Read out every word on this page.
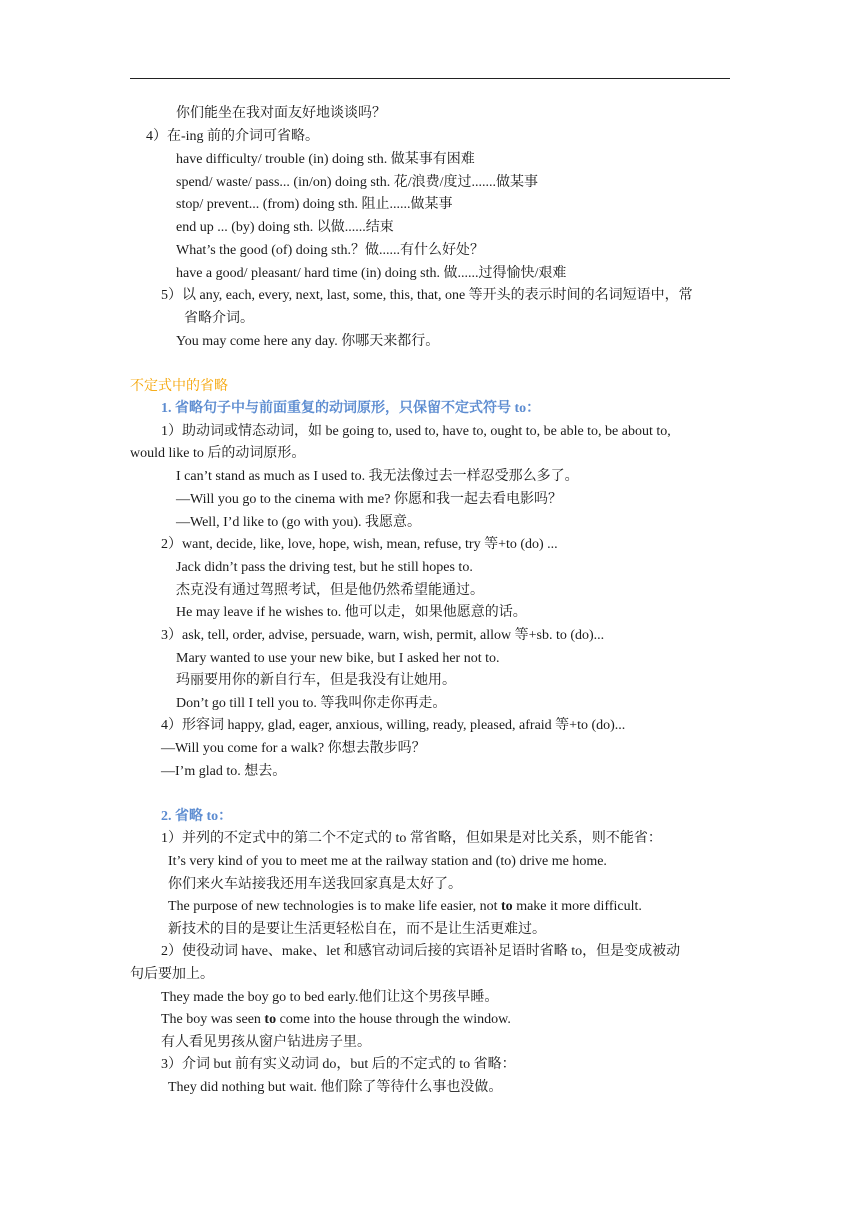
你们能坐在我对面友好地谈谈吗？
4）在-ing 前的介词可省略。
have difficulty/ trouble (in) doing sth. 做某事有困难
spend/ waste/ pass... (in/on) doing sth. 花/浪费/度过.......做某事
stop/ prevent... (from) doing sth. 阻止......做某事
end up ... (by) doing sth. 以做......结束
What’s the good (of) doing sth.？做......有什么好处？
have a good/ pleasant/ hard time (in) doing sth. 做......过得愉快/艰难
5）以 any, each, every, next, last, some, this, that, one 等开头的表示时间的名词短语中，常
省略介词。
You may come here any day. 你哪天来都行。
不定式中的省略
1. 省略句子中与前面重复的动词原形，只保留不定式符号 to：
1）助动词或情态动词，如 be going to, used to, have to, ought to, be able to, be about to,
would like to 后的动词原形。
I can’t stand as much as I used to. 我无法像过去一样忍受那么多了。
—Will you go to the cinema with me? 你愿和我一起去看电影吗？
—Well, I’d like to (go with you). 我愿意。
2）want, decide, like, love, hope, wish, mean, refuse, try 等+to (do) ...
Jack didn’t pass the driving test, but he still hopes to.
杰克没有通过驾照考试，但是他仍然希望能通过。
He may leave if he wishes to. 他可以走，如果他愿意的话。
3）ask, tell, order, advise, persuade, warn, wish, permit, allow 等+sb. to (do)...
Mary wanted to use your new bike, but I asked her not to.
玛丽要用你的新自行车，但是我没有让她用。
Don’t go till I tell you to. 等我叫你走你再走。
4）形容词 happy, glad, eager, anxious, willing, ready, pleased, afraid 等+to (do)...
—Will you come for a walk? 你想去散步吗？
—I’m glad to. 想去。
2. 省略 to：
1）并列的不定式中的第二个不定式的 to 常省略，但如果是对比关系，则不能省：
It’s very kind of you to meet me at the railway station and (to) drive me home.
你们来火车站接我还用车送我回家真是太好了。
The purpose of new technologies is to make life easier, not to make it more difficult.
新技术的目的是要让生活更轻松自在，而不是让生活更难过。
2）使役动词 have、make、let 和感官动词后接的宾语补足语时省略 to，但是变成被动
句后要加上。
They made the boy go to bed early.他们让这个男孩早睡。
The boy was seen to come into the house through the window.
有人看见男孩从窗户钻进房子里。
3）介词 but 前有实义动词 do，but 后的不定式的 to 省略：
They did nothing but wait. 他们除了等待什么事也没做。
